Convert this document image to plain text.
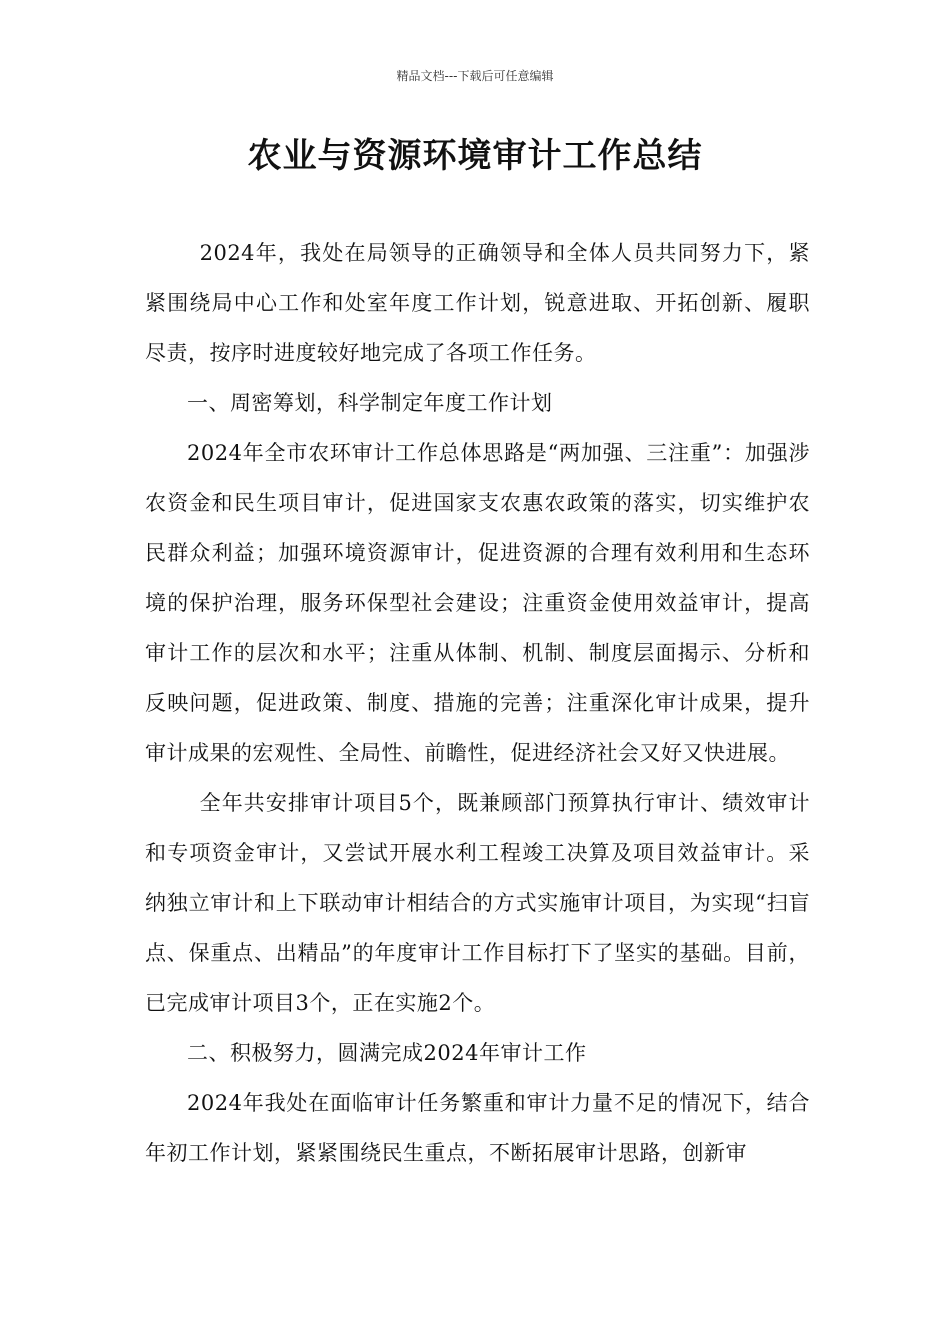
精品文档---下载后可任意编辑
农业与资源环境审计工作总结

2024年，我处在局领导的正确领导和全体人员共同努力下，紧紧围绕局中心工作和处室年度工作计划，锐意进取、开拓创新、履职尽责，按序时进度较好地完成了各项工作任务。

一、周密筹划，科学制定年度工作计划

2024年全市农环审计工作总体思路是“两加强、三注重”：加强涉农资金和民生项目审计，促进国家支农惠农政策的落实，切实维护农民群众利益；加强环境资源审计，促进资源的合理有效利用和生态环境的保护治理，服务环保型社会建设；注重资金使用效益审计，提高审计工作的层次和水平；注重从体制、机制、制度层面揭示、分析和反映问题，促进政策、制度、措施的完善；注重深化审计成果，提升审计成果的宏观性、全局性、前瞻性，促进经济社会又好又快进展。

全年共安排审计项目5个，既兼顾部门预算执行审计、绩效审计和专项资金审计，又尝试开展水利工程竣工决算及项目效益审计。采纳独立审计和上下联动审计相结合的方式实施审计项目，为实现“扫盲点、保重点、出精品”的年度审计工作目标打下了坚实的基础。目前，已完成审计项目3个，正在实施2个。

二、积极努力，圆满完成2024年审计工作

2024年我处在面临审计任务繁重和审计力量不足的情况下，结合年初工作计划，紧紧围绕民生重点，不断拓展审计思路，创新审
